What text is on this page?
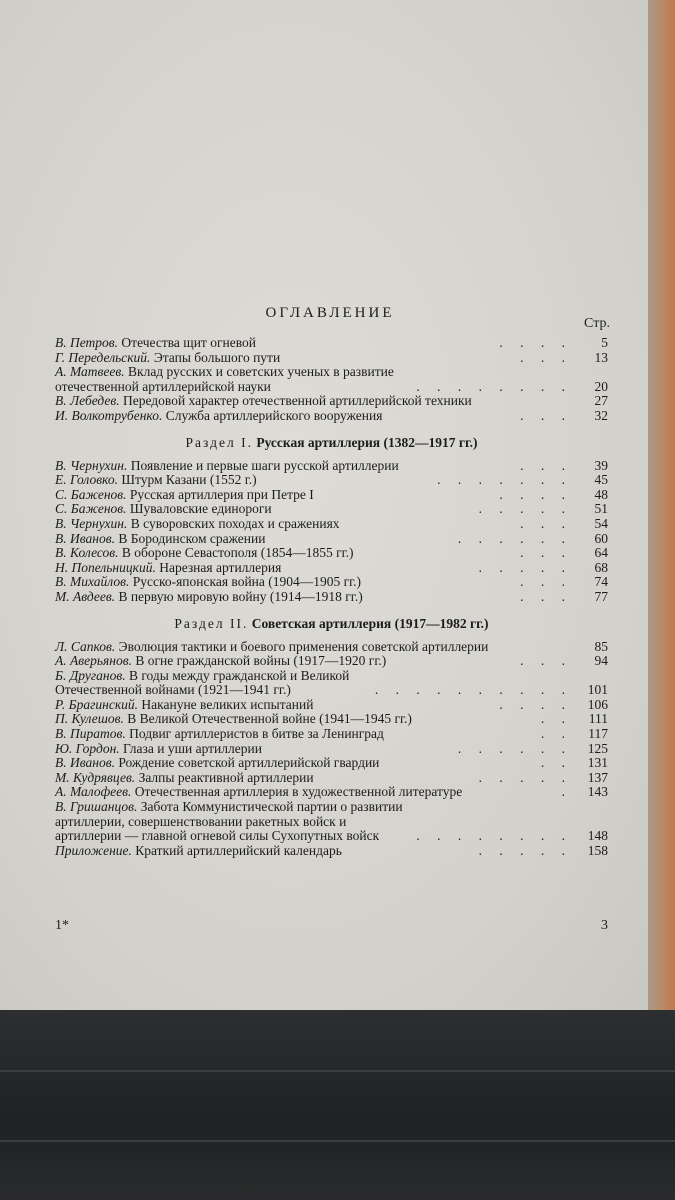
ОГЛАВЛЕНИЕ
Стр.
В. Петров. Отечества щит огневой	. . . .	5
Г. Передельский. Этапы большого пути	. . .	13
А. Матвеев. Вклад русских и советских ученых в развитие отечественной артиллерийской науки	. . . . . . . .	20
В. Лебедев. Передовой характер отечественной артиллерийской техники	27
И. Волкотрубенко. Служба артиллерийского вооружения	. . .	32
Раздел I. Русская артиллерия (1382—1917 гг.)
В. Чернухин. Появление и первые шаги русской артиллерии	. . .	39
Е. Головко. Штурм Казани (1552 г.)	. . . . . . .	45
С. Баженов. Русская артиллерия при Петре I	. . . .	48
С. Баженов. Шуваловские единороги	. . . . .	51
В. Чернухин. В суворовских походах и сражениях	. . .	54
В. Иванов. В Бородинском сражении	. . . . . .	60
В. Колесов. В обороне Севастополя (1854—1855 гг.)	. . .	64
Н. Попельницкий. Нарезная артиллерия	. . . . .	68
В. Михайлов. Русско-японская война (1904—1905 гг.)	. . .	74
М. Авдеев. В первую мировую войну (1914—1918 гг.)	. . .	77
Раздел II. Советская артиллерия (1917—1982 гг.)
Л. Сапков. Эволюция тактики и боевого применения советской артиллерии	85
А. Аверьянов. В огне гражданской войны (1917—1920 гг.)	. . .	94
Б. Друганов. В годы между гражданской и Великой Отечественной войнами (1921—1941 гг.)	. . . . . . . . . .	101
Р. Брагинский. Накануне великих испытаний	. . . .	106
П. Кулешов. В Великой Отечественной войне (1941—1945 гг.)	. .	111
В. Пиратов. Подвиг артиллеристов в битве за Ленинград	. .	117
Ю. Гордон. Глаза и уши артиллерии	. . . . . .	125
В. Иванов. Рождение советской артиллерийской гвардии	. .	131
М. Кудрявцев. Залпы реактивной артиллерии	. . . . .	137
А. Малофеев. Отечественная артиллерия в художественной литературе	.	143
В. Гришанцов. Забота Коммунистической партии о развитии артиллерии, совершенствовании ракетных войск и артиллерии — главной огневой силы Сухопутных войск	. . . . . . . .	148
Приложение. Краткий артиллерийский календарь	. . . . .	158
1*	3
